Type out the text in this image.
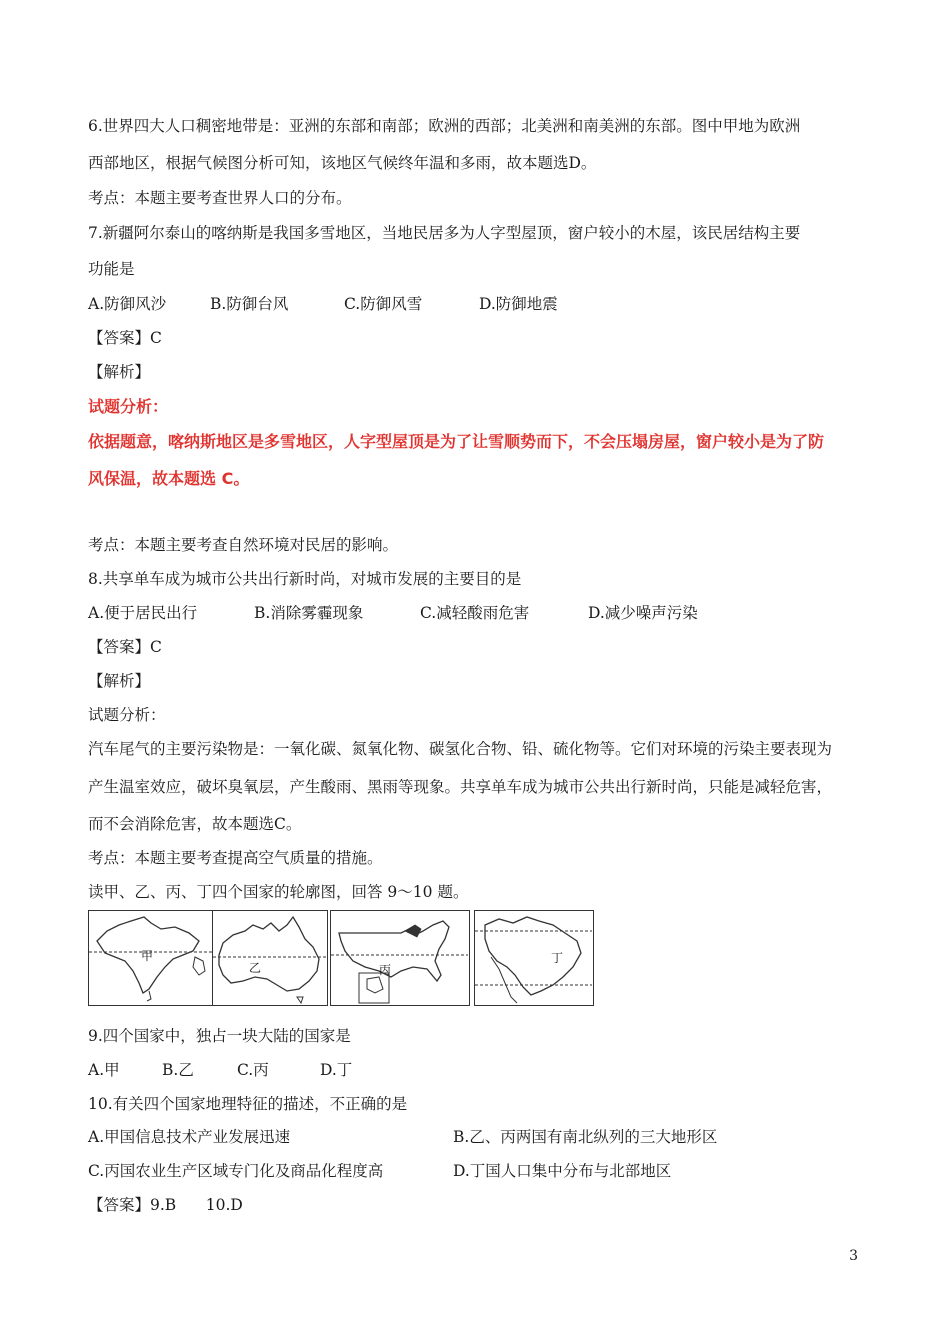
6.世界四大人口稠密地带是：亚洲的东部和南部；欧洲的西部；北美洲和南美洲的东部。图中甲地为欧洲
西部地区，根据气候图分析可知，该地区气候终年温和多雨，故本题选D。
考点：本题主要考查世界人口的分布。
7.新疆阿尔泰山的喀纳斯是我国多雪地区，当地民居多为人字型屋顶，窗户较小的木屋，该民居结构主要
功能是
A.防御风沙	B.防御台风	C.防御风雪	D.防御地震
【答案】C
【解析】
试题分析：
依据题意，喀纳斯地区是多雪地区，人字型屋顶是为了让雪顺势而下，不会压塌房屋，窗户较小是为了防
风保温，故本题选 C。
考点：本题主要考查自然环境对民居的影响。
8.共享单车成为城市公共出行新时尚，对城市发展的主要目的是
A.便于居民出行	B.消除雾霾现象	C.减轻酸雨危害	D.减少噪声污染
【答案】C
【解析】
试题分析：
汽车尾气的主要污染物是：一氧化碳、氮氧化物、碳氢化合物、铅、硫化物等。它们对环境的污染主要表现为
产生温室效应，破坏臭氧层，产生酸雨、黑雨等现象。共享单车成为城市公共出行新时尚，只能是减轻危害，
而不会消除危害，故本题选C。
考点：本题主要考查提高空气质量的措施。
读甲、乙、丙、丁四个国家的轮廓图，回答 9～10 题。
甲
乙	丙
丁
9.四个国家中，独占一块大陆的国家是
A.甲	B.乙	C.丙	D.丁
10.有关四个国家地理特征的描述，不正确的是
A.甲国信息技术产业发展迅速	B.乙、丙两国有南北纵列的三大地形区
C.丙国农业生产区域专门化及商品化程度高	D.丁国人口集中分布与北部地区
【答案】9.B      10.D
3
